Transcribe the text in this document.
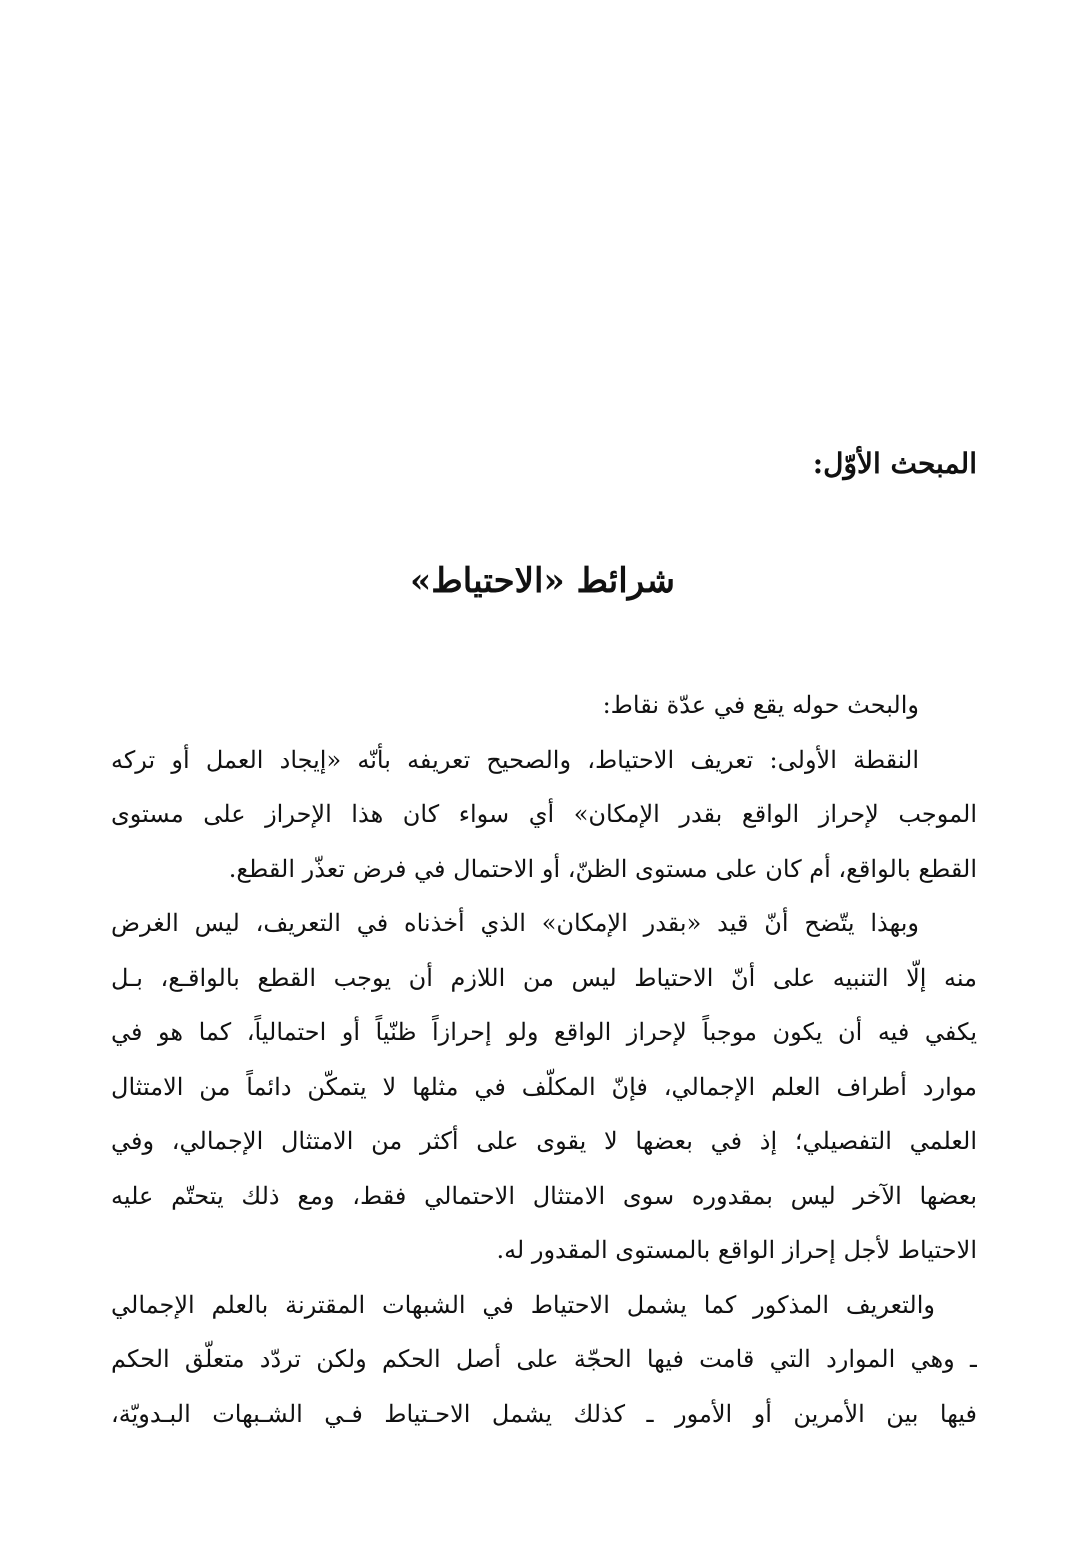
المبحث الأوّل:
شرائط «الاحتياط»
والبحث حوله يقع في عدّة نقاط:
النقطة الأولى: تعريف الاحتياط، والصحيح تعريفه بأنّه «إيجاد العمل أو تركه
الموجب لإحراز الواقع بقدر الإمكان» أي سواء كان هذا الإحراز على مستوى
القطع بالواقع، أم كان على مستوى الظنّ، أو الاحتمال في فرض تعذّر القطع.
وبهذا يتّضح أنّ قيد «بقدر الإمكان» الذي أخذناه في التعريف، ليس الغرض
منه إلّا التنبيه على أنّ الاحتياط ليس من اللازم أن يوجب القطع بالواقـع، بـل
يكفي فيه أن يكون موجباً لإحراز الواقع ولو إحرازاً ظنّياً أو احتمالياً، كما هو في
موارد أطراف العلم الإجمالي، فإنّ المكلّف في مثلها لا يتمكّن دائماً من الامتثال
العلمي التفصيلي؛ إذ في بعضها لا يقوى على أكثر من الامتثال الإجمالي، وفي
بعضها الآخر ليس بمقدوره سوى الامتثال الاحتمالي فقط، ومع ذلك يتحتّم عليه
الاحتياط لأجل إحراز الواقع بالمستوى المقدور له.
والتعريف المذكور كما يشمل الاحتياط في الشبهات المقترنة بالعلم الإجمالي
ـ وهي الموارد التي قامت فيها الحجّة على أصل الحكم ولكن تردّد متعلّق الحكم
فيها بين الأمرين أو الأمور ـ كذلك يشمل الاحـتياط فـي الشـبهات البـدويّة،
